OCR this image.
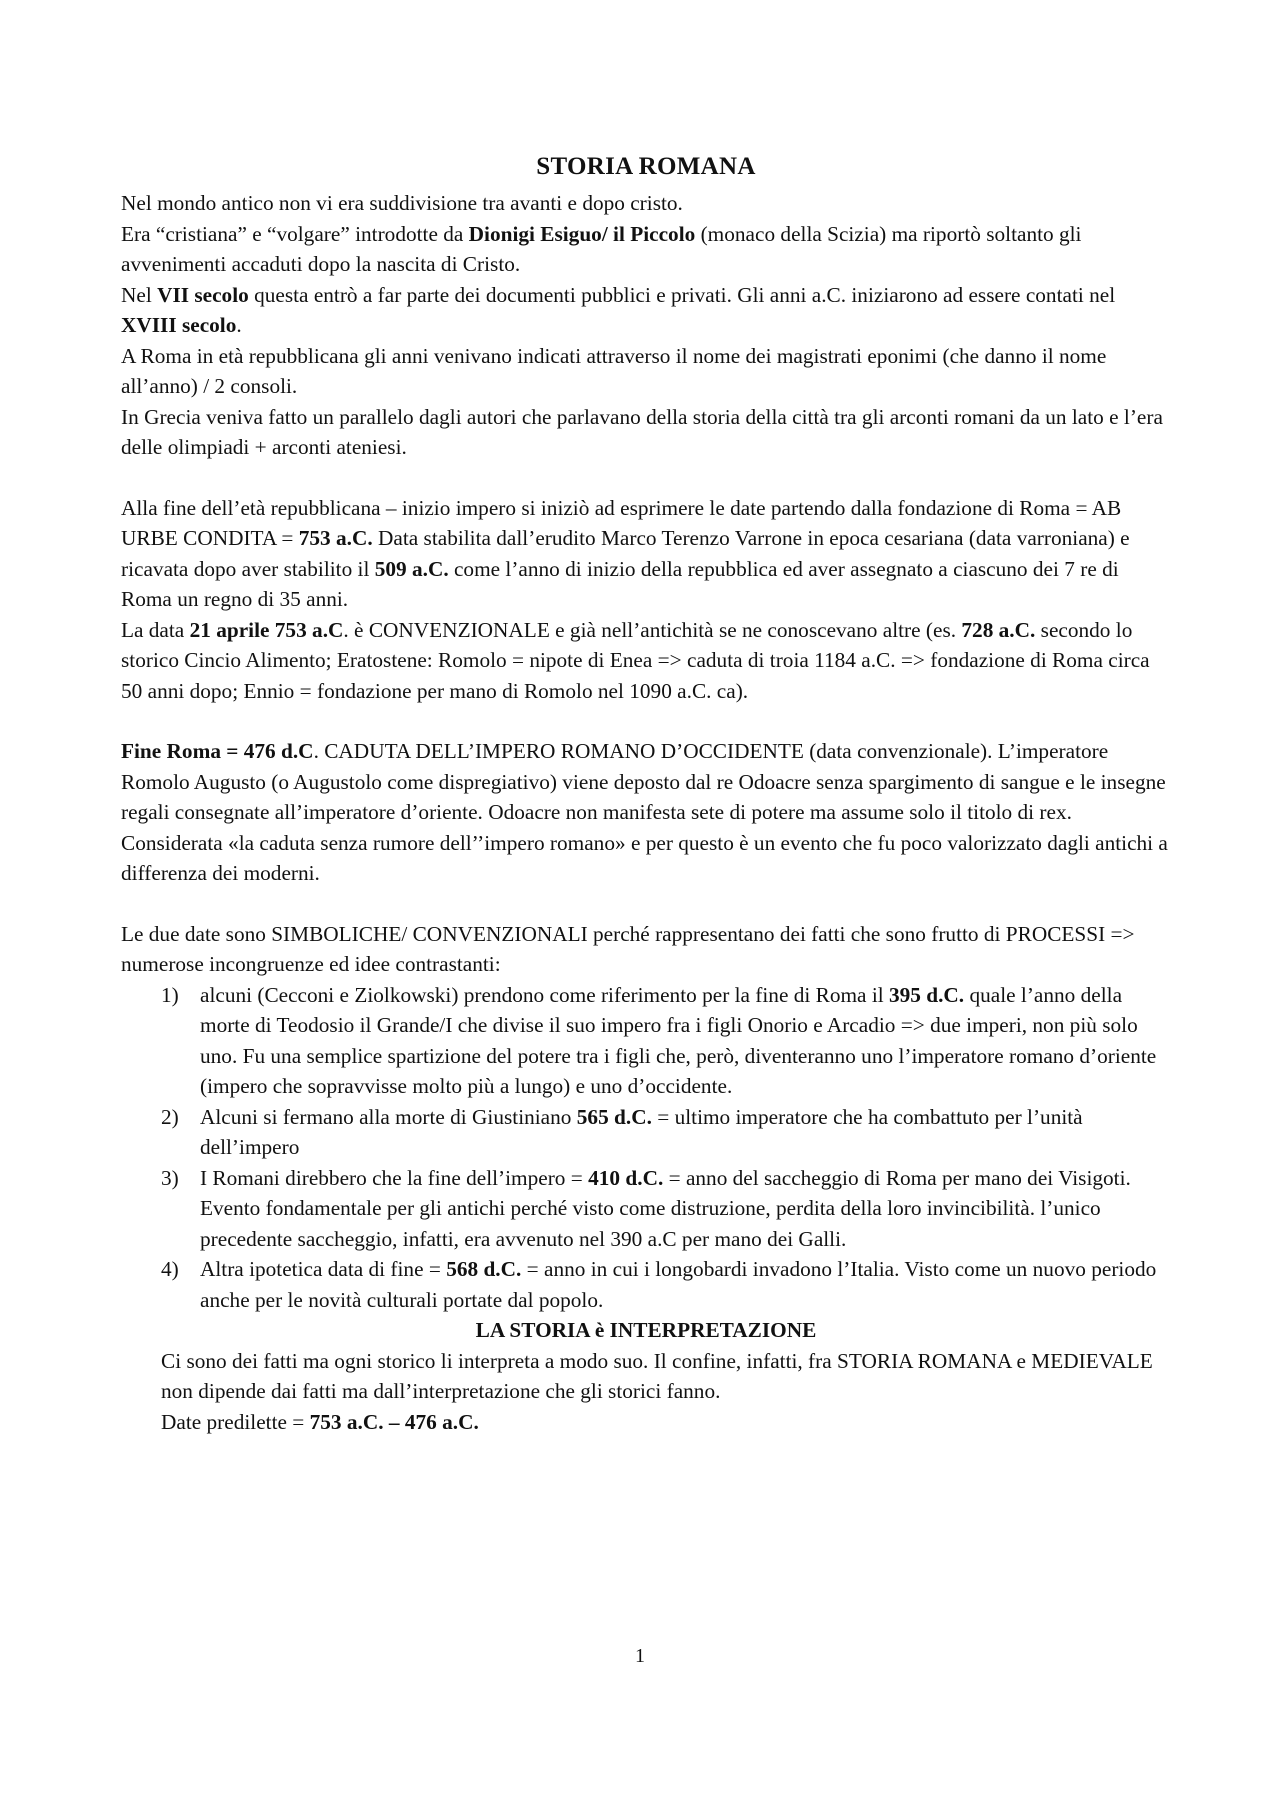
STORIA ROMANA

Nel mondo antico non vi era suddivisione tra avanti e dopo cristo.
Era “cristiana” e “volgare” introdotte da Dionigi Esiguo/ il Piccolo (monaco della Scizia) ma riportò soltanto gli avvenimenti accaduti dopo la nascita di Cristo.
Nel VII secolo questa entrò a far parte dei documenti pubblici e privati. Gli anni a.C. iniziarono ad essere contati nel XVIII secolo.
A Roma in età repubblicana gli anni venivano indicati attraverso il nome dei magistrati eponimi (che danno il nome all’anno) / 2 consoli.
In Grecia veniva fatto un parallelo dagli autori che parlavano della storia della città tra gli arconti romani da un lato e l’era delle olimpiadi + arconti ateniesi.

Alla fine dell’età repubblicana – inizio impero si iniziò ad esprimere le date partendo dalla fondazione di Roma = AB URBE CONDITA = 753 a.C. Data stabilita dall’erudito Marco Terenzo Varrone in epoca cesariana (data varroniana) e ricavata dopo aver stabilito il 509 a.C. come l’anno di inizio della repubblica ed aver assegnato a ciascuno dei 7 re di Roma un regno di 35 anni.
La data 21 aprile 753 a.C. è CONVENZIONALE e già nell’antichità se ne conoscevano altre (es. 728 a.C. secondo lo storico Cincio Alimento; Eratostene: Romolo = nipote di Enea => caduta di troia 1184 a.C. => fondazione di Roma circa 50 anni dopo; Ennio = fondazione per mano di Romolo nel 1090 a.C. ca).

Fine Roma = 476 d.C. CADUTA DELL’IMPERO ROMANO D’OCCIDENTE (data convenzionale). L’imperatore Romolo Augusto (o Augustolo come dispregiativo) viene deposto dal re Odoacre senza spargimento di sangue e le insegne regali consegnate all’imperatore d’oriente. Odoacre non manifesta sete di potere ma assume solo il titolo di rex.
Considerata «la caduta senza rumore dell’’impero romano» e per questo è un evento che fu poco valorizzato dagli antichi a differenza dei moderni.

Le due date sono SIMBOLICHE/ CONVENZIONALI perché rappresentano dei fatti che sono frutto di PROCESSI => numerose incongruenze ed idee contrastanti:

1) alcuni (Cecconi e Ziolkowski) prendono come riferimento per la fine di Roma il 395 d.C. quale l’anno della morte di Teodosio il Grande/I che divise il suo impero fra i figli Onorio e Arcadio => due imperi, non più solo uno. Fu una semplice spartizione del potere tra i figli che, però, diventeranno uno l’imperatore romano d’oriente (impero che sopravvisse molto più a lungo) e uno d’occidente.
2) Alcuni si fermano alla morte di Giustiniano 565 d.C. = ultimo imperatore che ha combattuto per l’unità dell’impero
3) I Romani direbbero che la fine dell’impero = 410 d.C. = anno del saccheggio di Roma per mano dei Visigoti. Evento fondamentale per gli antichi perché visto come distruzione, perdita della loro invincibilità. l’unico precedente saccheggio, infatti, era avvenuto nel 390 a.C per mano dei Galli.
4) Altra ipotetica data di fine = 568 d.C. = anno in cui i longobardi invadono l’Italia. Visto come un nuovo periodo anche per le novità culturali portate dal popolo.

LA STORIA è INTERPRETAZIONE

Ci sono dei fatti ma ogni storico li interpreta a modo suo. Il confine, infatti, fra STORIA ROMANA e MEDIEVALE non dipende dai fatti ma dall’interpretazione che gli storici fanno.
Date predilette = 753 a.C. – 476 a.C.

1
